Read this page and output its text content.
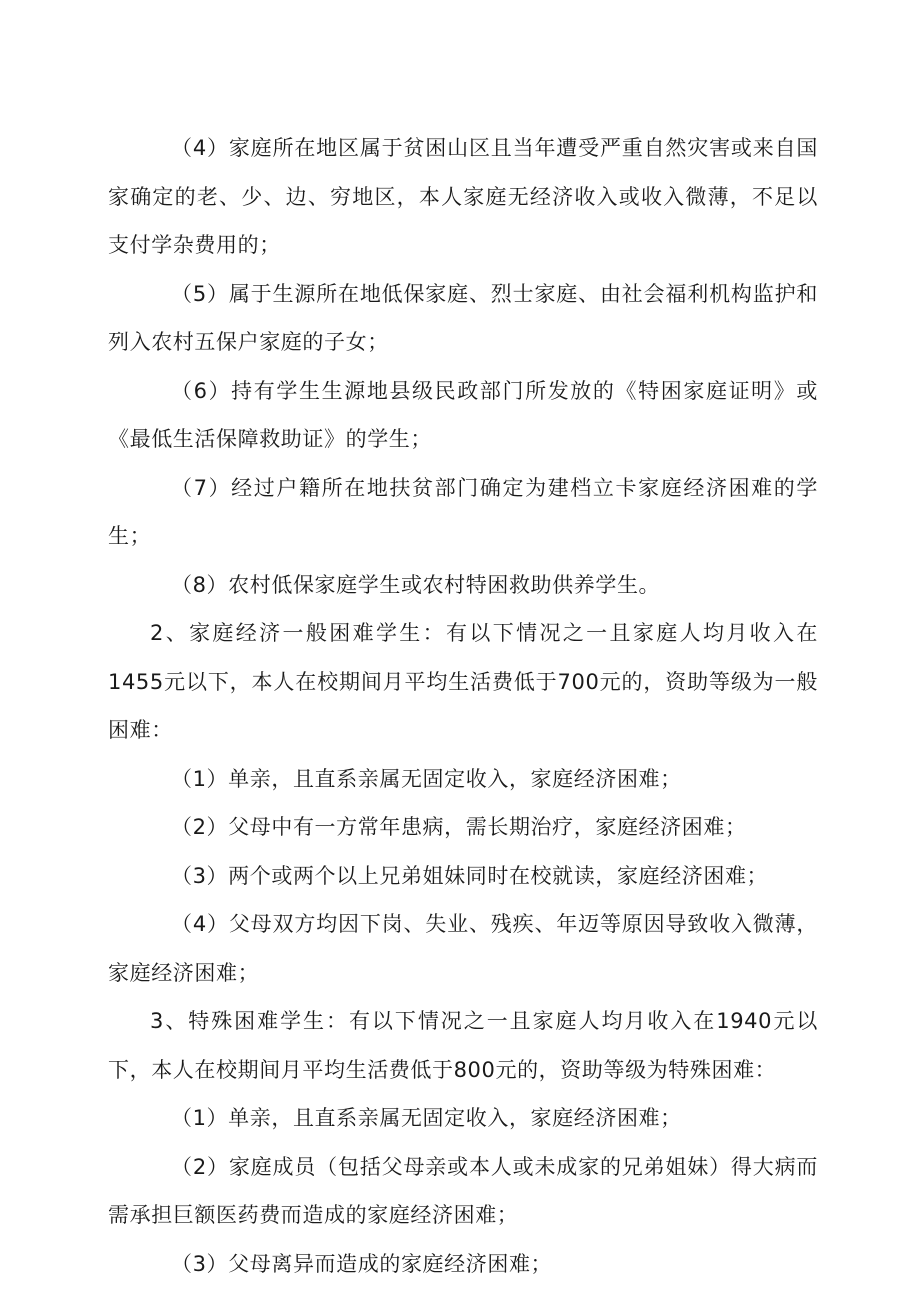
（4）家庭所在地区属于贫困山区且当年遭受严重自然灾害或来自国家确定的老、少、边、穷地区，本人家庭无经济收入或收入微薄，不足以支付学杂费用的；

（5）属于生源所在地低保家庭、烈士家庭、由社会福利机构监护和列入农村五保户家庭的子女；

（6）持有学生生源地县级民政部门所发放的《特困家庭证明》或《最低生活保障救助证》的学生；

（7）经过户籍所在地扶贫部门确定为建档立卡家庭经济困难的学生；

（8）农村低保家庭学生或农村特困救助供养学生。

2、家庭经济一般困难学生：有以下情况之一且家庭人均月收入在1455元以下，本人在校期间月平均生活费低于700元的，资助等级为一般困难：

（1）单亲，且直系亲属无固定收入，家庭经济困难；

（2）父母中有一方常年患病，需长期治疗，家庭经济困难；

（3）两个或两个以上兄弟姐妹同时在校就读，家庭经济困难；

（4）父母双方均因下岗、失业、残疾、年迈等原因导致收入微薄，家庭经济困难；

3、特殊困难学生：有以下情况之一且家庭人均月收入在1940元以下，本人在校期间月平均生活费低于800元的，资助等级为特殊困难：

（1）单亲，且直系亲属无固定收入，家庭经济困难；

（2）家庭成员（包括父母亲或本人或未成家的兄弟姐妹）得大病而需承担巨额医药费而造成的家庭经济困难；

（3）父母离异而造成的家庭经济困难；
